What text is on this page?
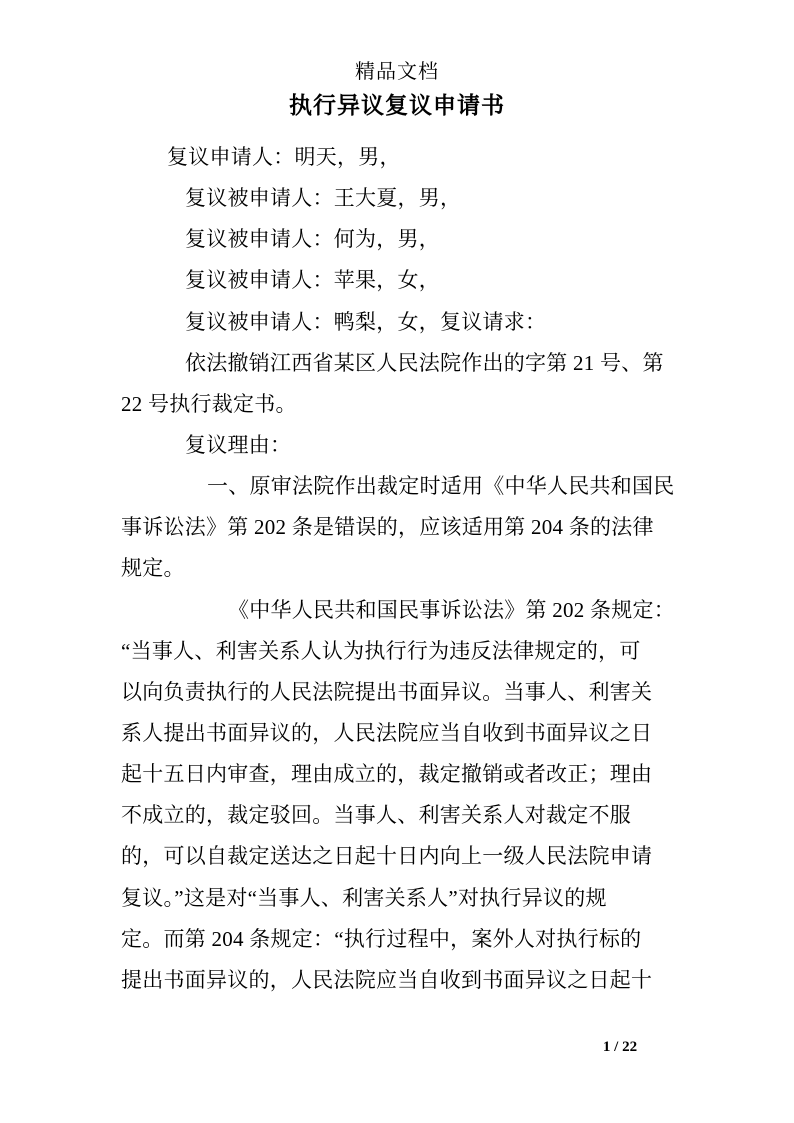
精品文档
执行异议复议申请书
复议申请人：明天，男，
复议被申请人：王大夏，男，
复议被申请人：何为，男，
复议被申请人：苹果，女，
复议被申请人：鸭梨，女，复议请求：
依法撤销江西省某区人民法院作出的字第 21 号、第
22 号执行裁定书。
复议理由：
一、原审法院作出裁定时适用《中华人民共和国民
事诉讼法》第 202 条是错误的，应该适用第 204 条的法律
规定。
《中华人民共和国民事诉讼法》第 202 条规定：
“当事人、利害关系人认为执行行为违反法律规定的，可
以向负责执行的人民法院提出书面异议。当事人、利害关
系人提出书面异议的，人民法院应当自收到书面异议之日
起十五日内审查，理由成立的，裁定撤销或者改正；理由
不成立的，裁定驳回。当事人、利害关系人对裁定不服
的，可以自裁定送达之日起十日内向上一级人民法院申请
复议。”这是对“当事人、利害关系人”对执行异议的规
定。而第 204 条规定：“执行过程中，案外人对执行标的
提出书面异议的，人民法院应当自收到书面异议之日起十
1 / 22
